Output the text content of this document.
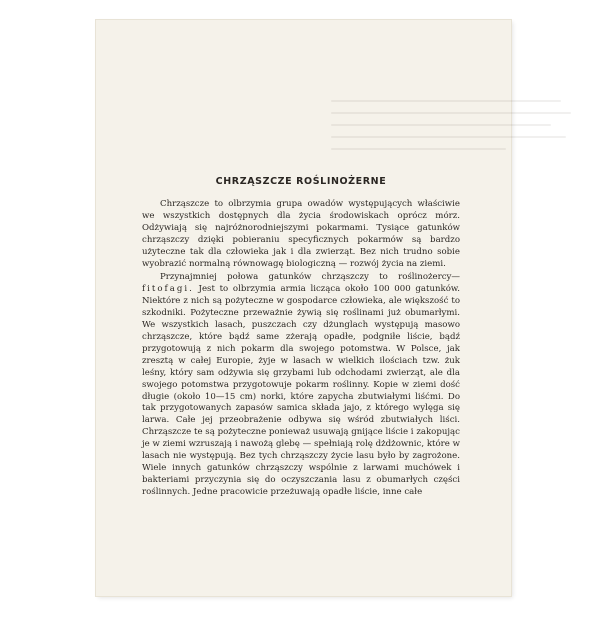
CHRZĄSZCZE ROŚLINOŻERNE

Chrząszcze to olbrzymia grupa owadów występujących właściwie we wszystkich dostępnych dla życia środowiskach oprócz mórz. Odżywiają się najróżnorodniejszymi pokarmami. Tysiące gatunków chrząszczy dzięki pobieraniu specyficznych pokarmów są bardzo użyteczne tak dla człowieka jak i dla zwierząt. Bez nich trudno sobie wyobrazić normalną równowagę biologiczną — rozwój życia na ziemi.

Przynajmniej połowa gatunków chrząszczy to roślinożercy—fitofagi. Jest to olbrzymia armia licząca około 100 000 gatunków. Niektóre z nich są pożyteczne w gospodarce człowieka, ale większość to szkodniki. Pożyteczne przeważnie żywią się roślinami już obumarłymi. We wszystkich lasach, puszczach czy dżunglach występują masowo chrząszcze, które bądź same zżerają opadłe, podgniłe liście, bądź przygotowują z nich pokarm dla swojego potomstwa. W Polsce, jak zresztą w całej Europie, żyje w lasach w wielkich ilościach tzw. żuk leśny, który sam odżywia się grzybami lub odchodami zwierząt, ale dla swojego potomstwa przygotowuje pokarm roślinny. Kopie w ziemi dość długie (około 10—15 cm) norki, które zapycha zbutwiałymi liśćmi. Do tak przygotowanych zapasów samica składa jajo, z którego wylęga się larwa. Całe jej przeobrażenie odbywa się wśród zbutwiałych liści. Chrząszcze te są pożyteczne ponieważ usuwają gnijące liście i zakopując je w ziemi wzruszają i nawożą glebę — spełniają rolę dżdżownic, które w lasach nie występują. Bez tych chrząszczy życie lasu było by zagrożone. Wiele innych gatunków chrząszczy wspólnie z larwami muchówek i bakteriami przyczynia się do oczyszczania lasu z obumarłych części roślinnych. Jedne pracowicie przeżuwają opadłe liście, inne całe
